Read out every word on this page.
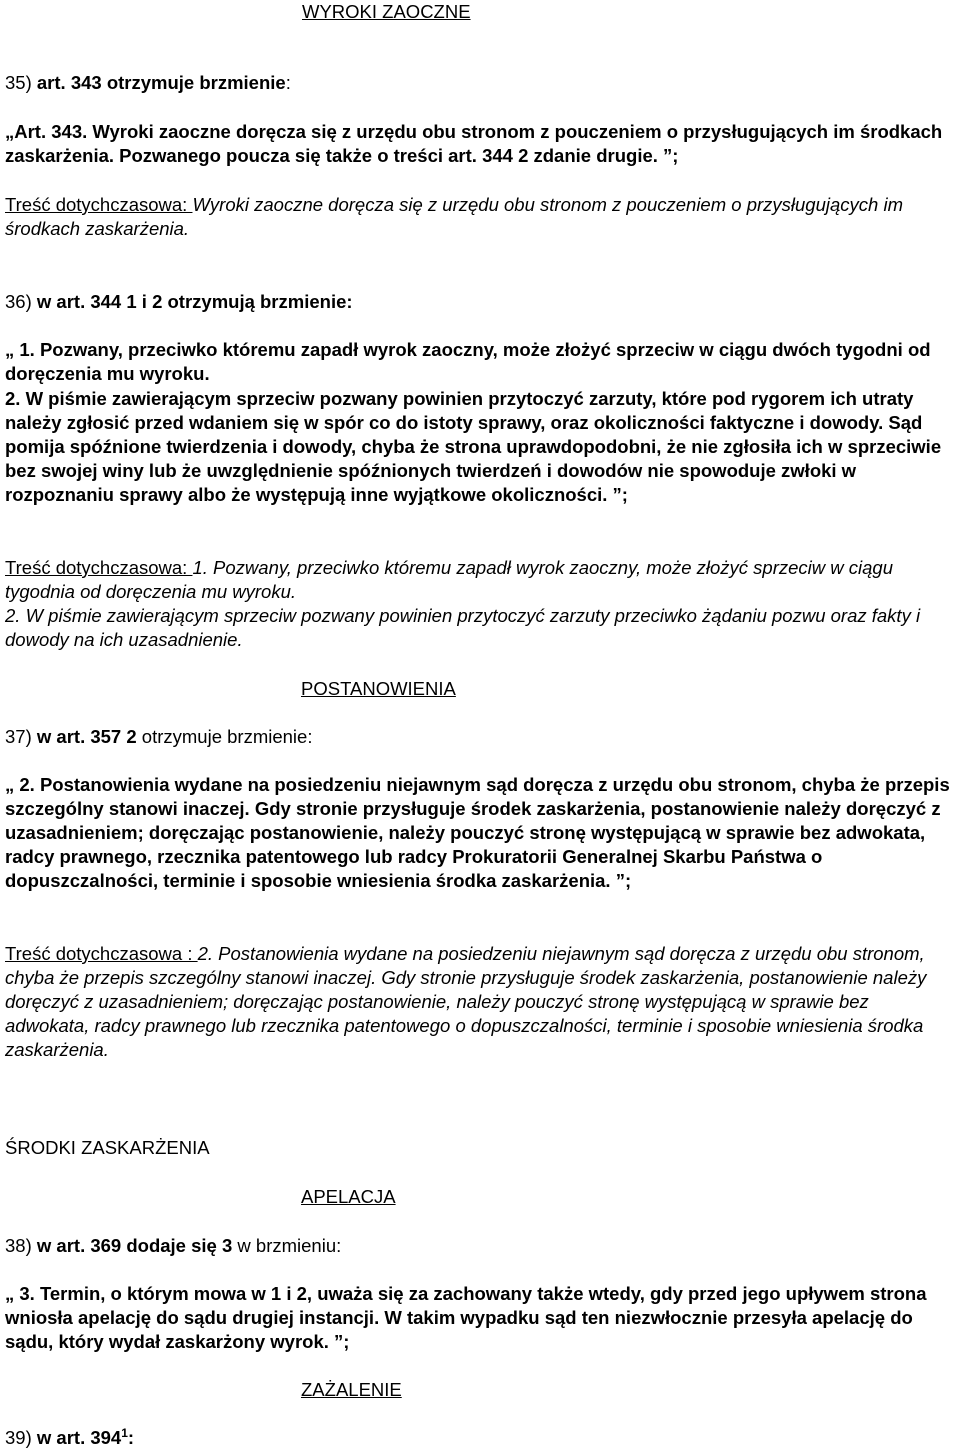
WYROKI ZAOCZNE
35) art. 343 otrzymuje brzmienie:
„Art. 343. Wyroki zaoczne doręcza się z urzędu obu stronom z pouczeniem o przysługujących im środkach zaskarżenia. Pozwanego poucza się także o treści art. 344 2 zdanie drugie. ”;
Treść dotychczasowa: Wyroki zaoczne doręcza się z urzędu obu stronom z pouczeniem o przysługujących im środkach zaskarżenia.
36) w art. 344 1 i 2 otrzymują brzmienie:
„ 1. Pozwany, przeciwko któremu zapadł wyrok zaoczny, może złożyć sprzeciw w ciągu dwóch tygodni od doręczenia mu wyroku.
2. W piśmie zawierającym sprzeciw pozwany powinien przytoczyć zarzuty, które pod rygorem ich utraty należy zgłosić przed wdaniem się w spór co do istoty sprawy, oraz okoliczności faktyczne i dowody. Sąd pomija spóźnione twierdzenia i dowody, chyba że strona uprawdopodobni, że nie zgłosiła ich w sprzeciwie bez swojej winy lub że uwzględnienie spóźnionych twierdzeń i dowodów nie spowoduje zwłoki w rozpoznaniu sprawy albo że występują inne wyjątkowe okoliczności. ”;
Treść dotychczasowa: 1. Pozwany, przeciwko któremu zapadł wyrok zaoczny, może złożyć sprzeciw w ciągu tygodnia od doręczenia mu wyroku.
2. W piśmie zawierającym sprzeciw pozwany powinien przytoczyć zarzuty przeciwko żądaniu pozwu oraz fakty i dowody na ich uzasadnienie.
POSTANOWIENIA
37) w art. 357 2 otrzymuje brzmienie:
„ 2. Postanowienia wydane na posiedzeniu niejawnym sąd doręcza z urzędu obu stronom, chyba że przepis szczególny stanowi inaczej. Gdy stronie przysługuje środek zaskarżenia, postanowienie należy doręczyć z uzasadnieniem; doręczając postanowienie, należy pouczyć stronę występującą w sprawie bez adwokata, radcy prawnego, rzecznika patentowego lub radcy Prokuratorii Generalnej Skarbu Państwa o dopuszczalności, terminie i sposobie wniesienia środka zaskarżenia. ”;
Treść dotychczasowa : 2. Postanowienia wydane na posiedzeniu niejawnym sąd doręcza z urzędu obu stronom, chyba że przepis szczególny stanowi inaczej. Gdy stronie przysługuje środek zaskarżenia, postanowienie należy doręczyć z uzasadnieniem; doręczając postanowienie, należy pouczyć stronę występującą w sprawie bez adwokata, radcy prawnego lub rzecznika patentowego o dopuszczalności, terminie i sposobie wniesienia środka zaskarżenia.
ŚRODKI ZASKARŻENIA
APELACJA
38) w art. 369 dodaje się 3 w brzmieniu:
„ 3. Termin, o którym mowa w 1 i 2, uważa się za zachowany także wtedy, gdy przed jego upływem strona wniosła apelację do sądu drugiej instancji. W takim wypadku sąd ten niezwłocznie przesyła apelację do sądu, który wydał zaskarżony wyrok. ”;
ZAŻALENIE
39) w art. $394^1$:
